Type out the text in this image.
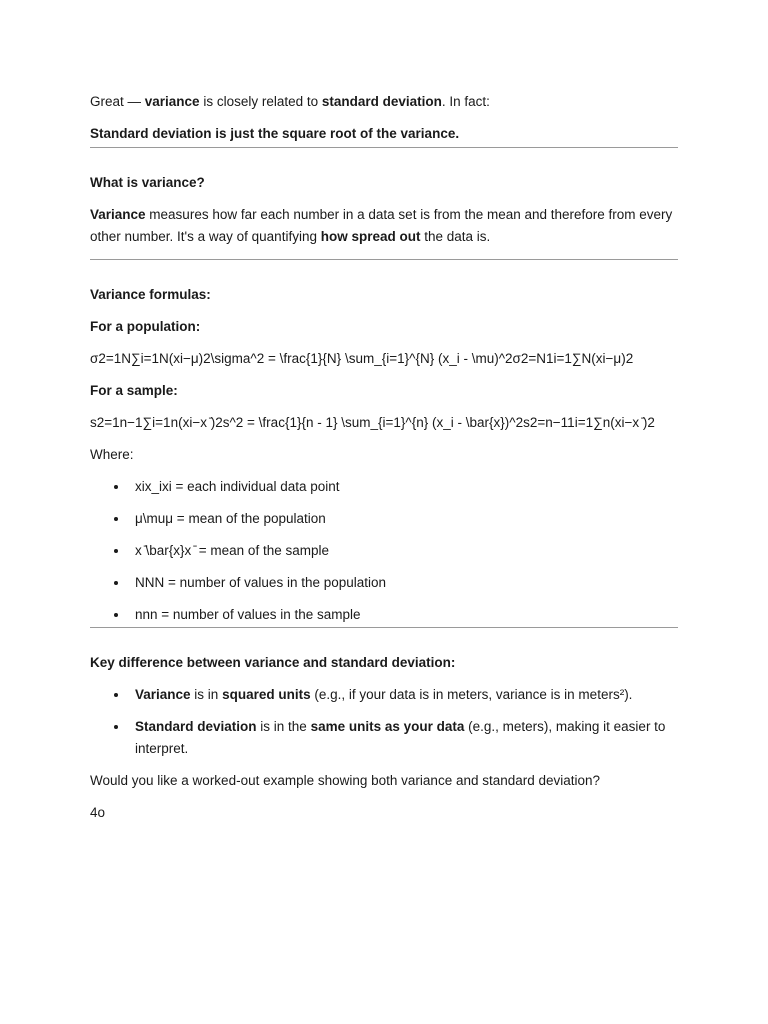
Great — variance is closely related to standard deviation. In fact:

Standard deviation is just the square root of the variance.

What is variance?

Variance measures how far each number in a data set is from the mean and therefore from every other number. It's a way of quantifying how spread out the data is.

Variance formulas:

For a population:

σ2=1N∑i=1N(xi−μ)2\sigma^2 = \frac{1}{N} \sum_{i=1}^{N} (x_i - \mu)^2σ2=N1i=1∑N(xi−μ)2

For a sample:

s2=1n−1∑i=1n(xi−x ̄)2s^2 = \frac{1}{n - 1} \sum_{i=1}^{n} (x_i - \bar{x})^2s2=n−11i=1∑n(xi−x ̄)2

Where:

xix_ixi = each individual data point
μ\muμ = mean of the population
x ̄\bar{x}x ̄ = mean of the sample
NNN = number of values in the population
nnn = number of values in the sample

Key difference between variance and standard deviation:

Variance is in squared units (e.g., if your data is in meters, variance is in meters²).
Standard deviation is in the same units as your data (e.g., meters), making it easier to interpret.

Would you like a worked-out example showing both variance and standard deviation?

4o
